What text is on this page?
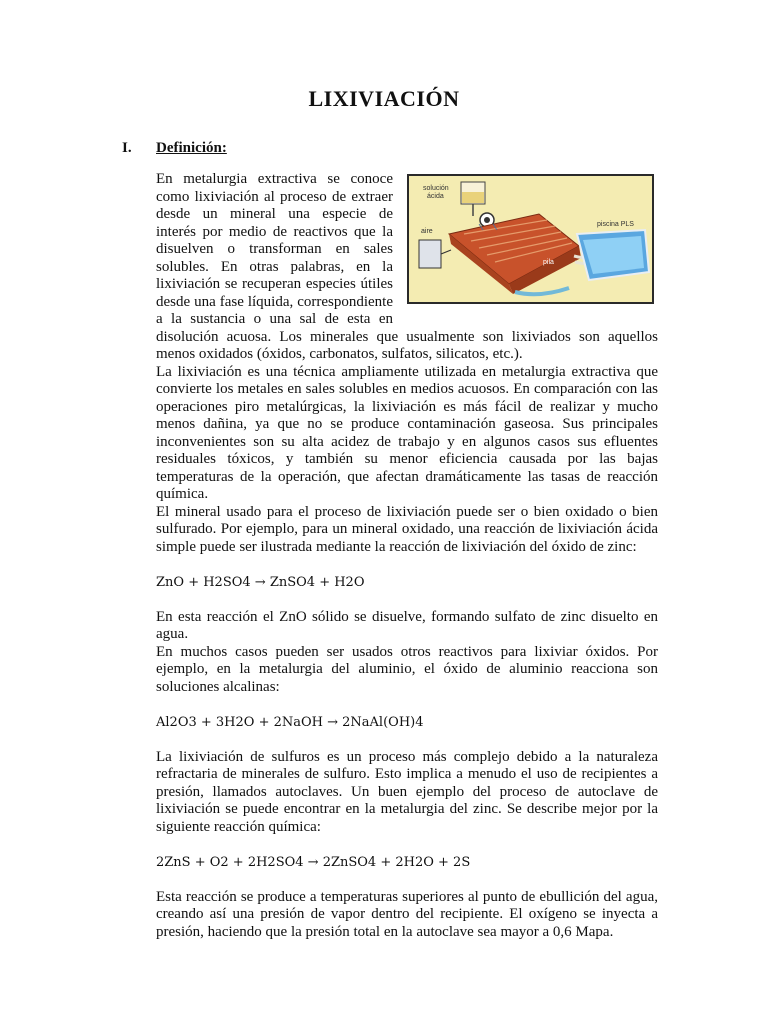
LIXIVIACIÓN
I. Definición:
solución
ácida
aire
piscina PLS
pila

En metalurgia extractiva se conoce como lixiviación al proceso de extraer desde un mineral una especie de interés por medio de reactivos que la disuelven o transforman en sales solubles. En otras palabras, en la lixiviación se recuperan especies útiles desde una fase líquida, correspondiente a la sustancia o una sal de esta en disolución acuosa. Los minerales que usualmente son lixiviados son aquellos menos oxidados (óxidos, carbonatos, sulfatos, silicatos, etc.).

La lixiviación es una técnica ampliamente utilizada en metalurgia extractiva que convierte los metales en sales solubles en medios acuosos. En comparación con las operaciones piro metalúrgicas, la lixiviación es más fácil de realizar y mucho menos dañina, ya que no se produce contaminación gaseosa. Sus principales inconvenientes son su alta acidez de trabajo y en algunos casos sus efluentes residuales tóxicos, y también su menor eficiencia causada por las bajas temperaturas de la operación, que afectan dramáticamente las tasas de reacción química.

El mineral usado para el proceso de lixiviación puede ser o bien oxidado o bien sulfurado. Por ejemplo, para un mineral oxidado, una reacción de lixiviación ácida simple puede ser ilustrada mediante la reacción de lixiviación del óxido de zinc:

ZnO + H2SO4 → ZnSO4 + H2O

En esta reacción el ZnO sólido se disuelve, formando sulfato de zinc disuelto en agua.

En muchos casos pueden ser usados otros reactivos para lixiviar óxidos. Por ejemplo, en la metalurgia del aluminio, el óxido de aluminio reacciona son soluciones alcalinas:

Al2O3 + 3H2O + 2NaOH → 2NaAl(OH)4

La lixiviación de sulfuros es un proceso más complejo debido a la naturaleza refractaria de minerales de sulfuro. Esto implica a menudo el uso de recipientes a presión, llamados autoclaves. Un buen ejemplo del proceso de autoclave de lixiviación se puede encontrar en la metalurgia del zinc. Se describe mejor por la siguiente reacción química:

2ZnS + O2 + 2H2SO4 → 2ZnSO4 + 2H2O + 2S

Esta reacción se produce a temperaturas superiores al punto de ebullición del agua, creando así una presión de vapor dentro del recipiente. El oxígeno se inyecta a presión, haciendo que la presión total en la autoclave sea mayor a 0,6 Mapa.
